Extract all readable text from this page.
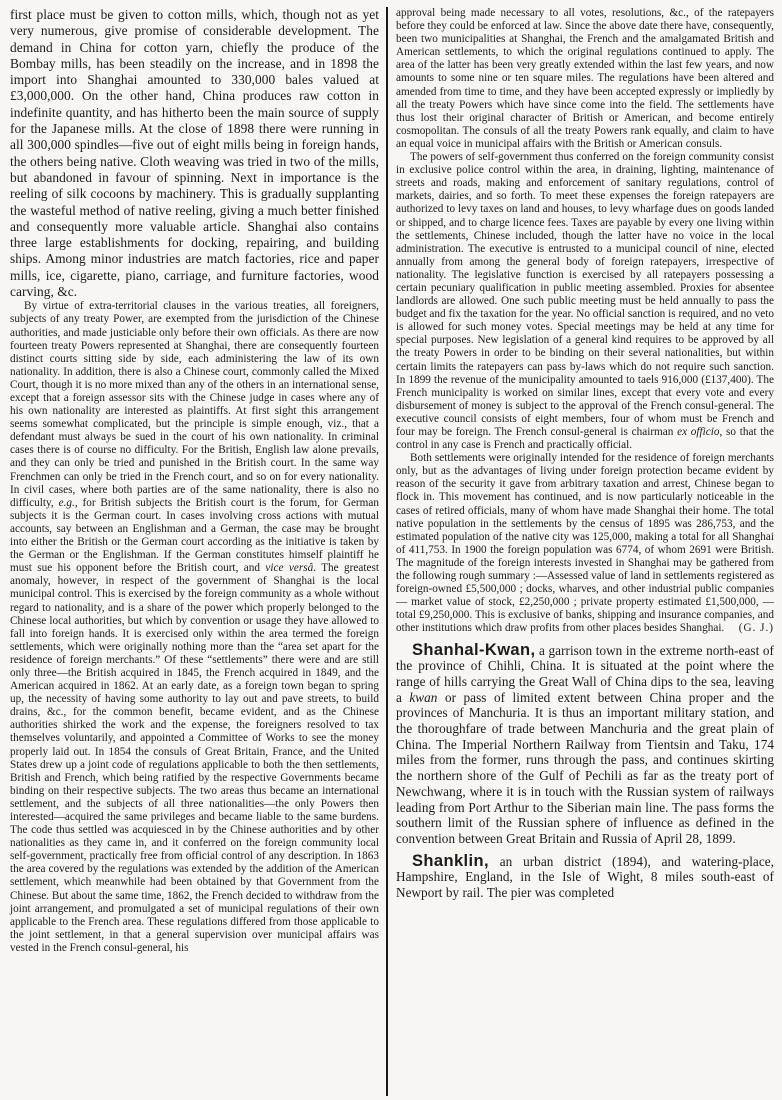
first place must be given to cotton mills, which, though not as yet very numerous, give promise of considerable development. The demand in China for cotton yarn, chiefly the produce of the Bombay mills, has been steadily on the increase, and in 1898 the import into Shanghai amounted to 330,000 bales valued at £3,000,000. On the other hand, China produces raw cotton in indefinite quantity, and has hitherto been the main source of supply for the Japanese mills. At the close of 1898 there were running in all 300,000 spindles—five out of eight mills being in foreign hands, the others being native. Cloth weaving was tried in two of the mills, but abandoned in favour of spinning. Next in importance is the reeling of silk cocoons by machinery. This is gradually supplanting the wasteful method of native reeling, giving a much better finished and consequently more valuable article. Shanghai also contains three large establishments for docking, repairing, and building ships. Among minor industries are match factories, rice and paper mills, ice, cigarette, piano, carriage, and furniture factories, wood carving, &c.

By virtue of extra-territorial clauses in the various treaties, all foreigners, subjects of any treaty Power, are exempted from the jurisdiction of the Chinese authorities, and made justiciable only before their own officials. As there are now fourteen treaty Powers represented at Shanghai, there are consequently fourteen distinct courts sitting side by side, each administering the law of its own nationality. In addition, there is also a Chinese court, commonly called the Mixed Court, though it is no more mixed than any of the others in an international sense, except that a foreign assessor sits with the Chinese judge in cases where any of his own nationality are interested as plaintiffs. At first sight this arrangement seems somewhat complicated, but the principle is simple enough, viz., that a defendant must always be sued in the court of his own nationality. In criminal cases there is of course no difficulty. For the British, English law alone prevails, and they can only be tried and punished in the British court. In the same way Frenchmen can only be tried in the French court, and so on for every nationality. In civil cases, where both parties are of the same nationality, there is also no difficulty, e.g., for British subjects the British court is the forum, for German subjects it is the German court. In cases involving cross actions with mutual accounts, say between an Englishman and a German, the case may be brought into either the British or the German court according as the initiative is taken by the German or the Englishman. If the German constitutes himself plaintiff he must sue his opponent before the British court, and vice versâ. The greatest anomaly, however, in respect of the government of Shanghai is the local municipal control. This is exercised by the foreign community as a whole without regard to nationality, and is a share of the power which properly belonged to the Chinese local authorities, but which by convention or usage they have allowed to fall into foreign hands. It is exercised only within the area termed the foreign settlements, which were originally nothing more than the “area set apart for the residence of foreign merchants.” Of these “settlements” there were and are still only three—the British acquired in 1845, the French acquired in 1849, and the American acquired in 1862. At an early date, as a foreign town began to spring up, the necessity of having some authority to lay out and pave streets, to build drains, &c., for the common benefit, became evident, and as the Chinese authorities shirked the work and the expense, the foreigners resolved to tax themselves voluntarily, and appointed a Committee of Works to see the money properly laid out. In 1854 the consuls of Great Britain, France, and the United States drew up a joint code of regulations applicable to both the then settlements, British and French, which being ratified by the respective Governments became binding on their respective subjects. The two areas thus became an international settlement, and the subjects of all three nationalities—the only Powers then interested—acquired the same privileges and became liable to the same burdens. The code thus settled was acquiesced in by the Chinese authorities and by other nationalities as they came in, and it conferred on the foreign community local self-government, practically free from official control of any description. In 1863 the area covered by the regulations was extended by the addition of the American settlement, which meanwhile had been obtained by that Government from the Chinese. But about the same time, 1862, the French decided to withdraw from the joint arrangement, and promulgated a set of municipal regulations of their own applicable to the French area. These regulations differed from those applicable to the joint settlement, in that a general supervision over municipal affairs was vested in the French consul-general, his

approval being made necessary to all votes, resolutions, &c., of the ratepayers before they could be enforced at law. Since the above date there have, consequently, been two municipalities at Shanghai, the French and the amalgamated British and American settlements, to which the original regulations continued to apply. The area of the latter has been very greatly extended within the last few years, and now amounts to some nine or ten square miles. The regulations have been altered and amended from time to time, and they have been accepted expressly or impliedly by all the treaty Powers which have since come into the field. The settlements have thus lost their original character of British or American, and become entirely cosmopolitan. The consuls of all the treaty Powers rank equally, and claim to have an equal voice in municipal affairs with the British or American consuls.

The powers of self-government thus conferred on the foreign community consist in exclusive police control within the area, in draining, lighting, maintenance of streets and roads, making and enforcement of sanitary regulations, control of markets, dairies, and so forth. To meet these expenses the foreign ratepayers are authorized to levy taxes on land and houses, to levy wharfage dues on goods landed or shipped, and to charge licence fees. Taxes are payable by every one living within the settlements, Chinese included, though the latter have no voice in the local administration. The executive is entrusted to a municipal council of nine, elected annually from among the general body of foreign ratepayers, irrespective of nationality. The legislative function is exercised by all ratepayers possessing a certain pecuniary qualification in public meeting assembled. Proxies for absentee landlords are allowed. One such public meeting must be held annually to pass the budget and fix the taxation for the year. No official sanction is required, and no veto is allowed for such money votes. Special meetings may be held at any time for special purposes. New legislation of a general kind requires to be approved by all the treaty Powers in order to be binding on their several nationalities, but within certain limits the ratepayers can pass by-laws which do not require such sanction. In 1899 the revenue of the municipality amounted to taels 916,000 (£137,400). The French municipality is worked on similar lines, except that every vote and every disbursement of money is subject to the approval of the French consul-general. The executive council consists of eight members, four of whom must be French and four may be foreign. The French consul-general is chairman ex officio, so that the control in any case is French and practically official.

Both settlements were originally intended for the residence of foreign merchants only, but as the advantages of living under foreign protection became evident by reason of the security it gave from arbitrary taxation and arrest, Chinese began to flock in. This movement has continued, and is now particularly noticeable in the cases of retired officials, many of whom have made Shanghai their home. The total native population in the settlements by the census of 1895 was 286,753, and the estimated population of the native city was 125,000, making a total for all Shanghai of 411,753. In 1900 the foreign population was 6774, of whom 2691 were British. The magnitude of the foreign interests invested in Shanghai may be gathered from the following rough summary :—Assessed value of land in settlements registered as foreign-owned £5,500,000 ; docks, wharves, and other industrial public companies — market value of stock, £2,250,000 ; private property estimated £1,500,000, — total £9,250,000. This is exclusive of banks, shipping and insurance companies, and other institutions which draw profits from other places besides Shanghai.	(G. J.)

Shanhal-Kwan, a garrison town in the extreme north-east of the province of Chihli, China. It is situated at the point where the range of hills carrying the Great Wall of China dips to the sea, leaving a kwan or pass of limited extent between China proper and the provinces of Manchuria. It is thus an important military station, and the thoroughfare of trade between Manchuria and the great plain of China. The Imperial Northern Railway from Tientsin and Taku, 174 miles from the former, runs through the pass, and continues skirting the northern shore of the Gulf of Pechili as far as the treaty port of Newchwang, where it is in touch with the Russian system of railways leading from Port Arthur to the Siberian main line. The pass forms the southern limit of the Russian sphere of influence as defined in the convention between Great Britain and Russia of April 28, 1899.

Shanklin, an urban district (1894), and watering-place, Hampshire, England, in the Isle of Wight, 8 miles south-east of Newport by rail. The pier was completed
